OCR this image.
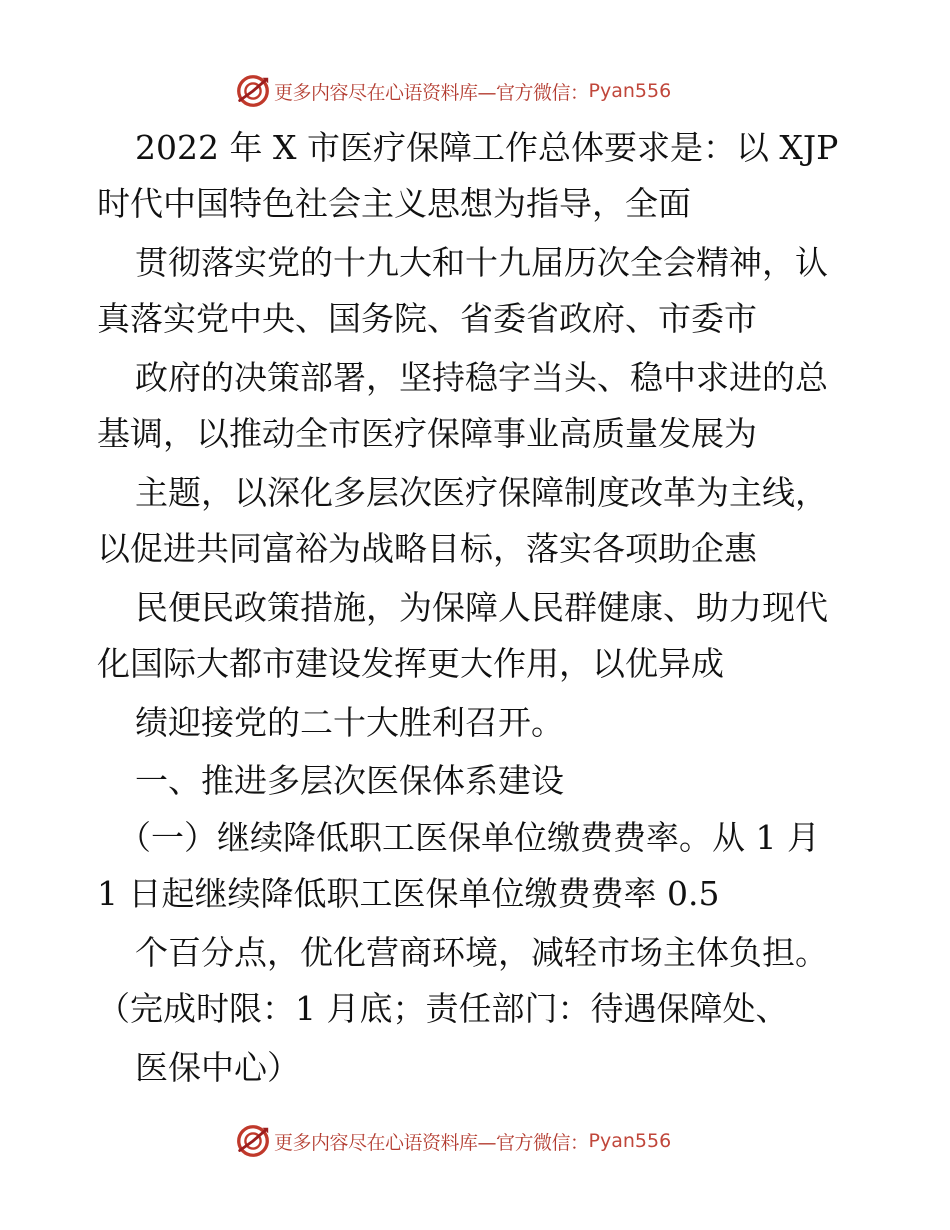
更多内容尽在心语资料库—官方微信： Pyan556
2022 年 X 市医疗保障工作总体要求是：以 XJP
时代中国特色社会主义思想为指导，全面
贯彻落实党的十九大和十九届历次全会精神，认
真落实党中央、国务院、省委省政府、市委市
政府的决策部署，坚持稳字当头、稳中求进的总
基调，以推动全市医疗保障事业高质量发展为
主题，以深化多层次医疗保障制度改革为主线，
以促进共同富裕为战略目标，落实各项助企惠
民便民政策措施，为保障人民群健康、助力现代
化国际大都市建设发挥更大作用，以优异成
绩迎接党的二十大胜利召开。
一、推进多层次医保体系建设
（一）继续降低职工医保单位缴费费率。从 1 月
1 日起继续降低职工医保单位缴费费率 0.5
个百分点，优化营商环境，减轻市场主体负担。
（完成时限：1 月底；责任部门：待遇保障处、
医保中心）
更多内容尽在心语资料库—官方微信： Pyan556
